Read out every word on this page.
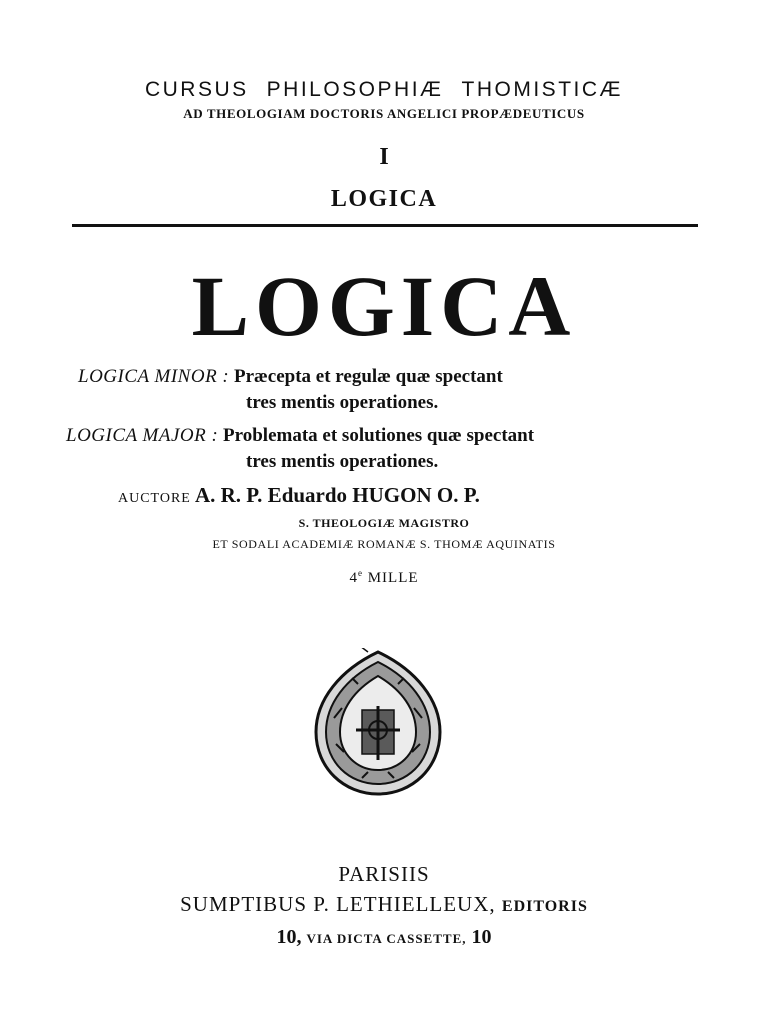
CURSUS PHILOSOPHIÆ THOMISTICÆ
AD THEOLOGIAM DOCTORIS ANGELICI PROPÆDEUTICUS
I
LOGICA
LOGICA
LOGICA MINOR : Præcepta et regulæ quæ spectant
tres mentis operationes.
LOGICA MAJOR : Problemata et solutiones quæ spectant
tres mentis operationes.
AUCTORE A. R. P. Eduardo HUGON O. P.
S. THEOLOGIÆ MAGISTRO
ET SODALI ACADEMIÆ ROMANÆ S. THOMÆ AQUINATIS
4e MILLE
PARISIIS
SUMPTIBUS P. LETHIELLEUX, EDITORIS
10, VIA DICTA CASSETTE, 10
